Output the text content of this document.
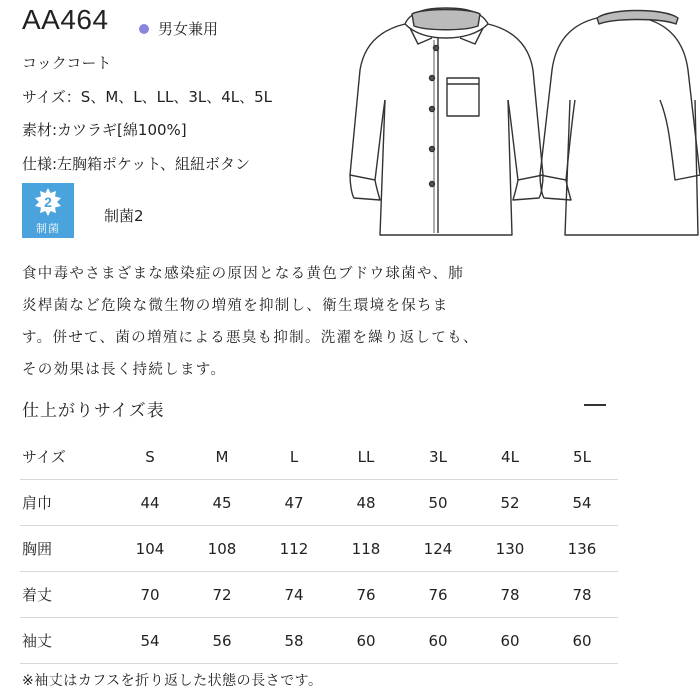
AA464	男女兼用
コックコート
サイズ：S、M、L、LL、3L、4L、5L
素材:カツラギ[綿100%]
仕様:左胸箱ポケット、組紐ボタン
2
制菌
制菌2
食中毒やさまざまな感染症の原因となる黄色ブドウ球菌や、肺
炎桿菌など危険な微生物の増殖を抑制し、衛生環境を保ちま
す。併せて、菌の増殖による悪臭も抑制。洗濯を繰り返しても、
その効果は長く持続します。
仕上がりサイズ表
サイズ	S	M	L	LL	3L	4L	5L
肩巾	44	45	47	48	50	52	54
胸囲	104	108	112	118	124	130	136
着丈	70	72	74	76	76	78	78
袖丈	54	56	58	60	60	60	60
※袖丈はカフスを折り返した状態の長さです。
